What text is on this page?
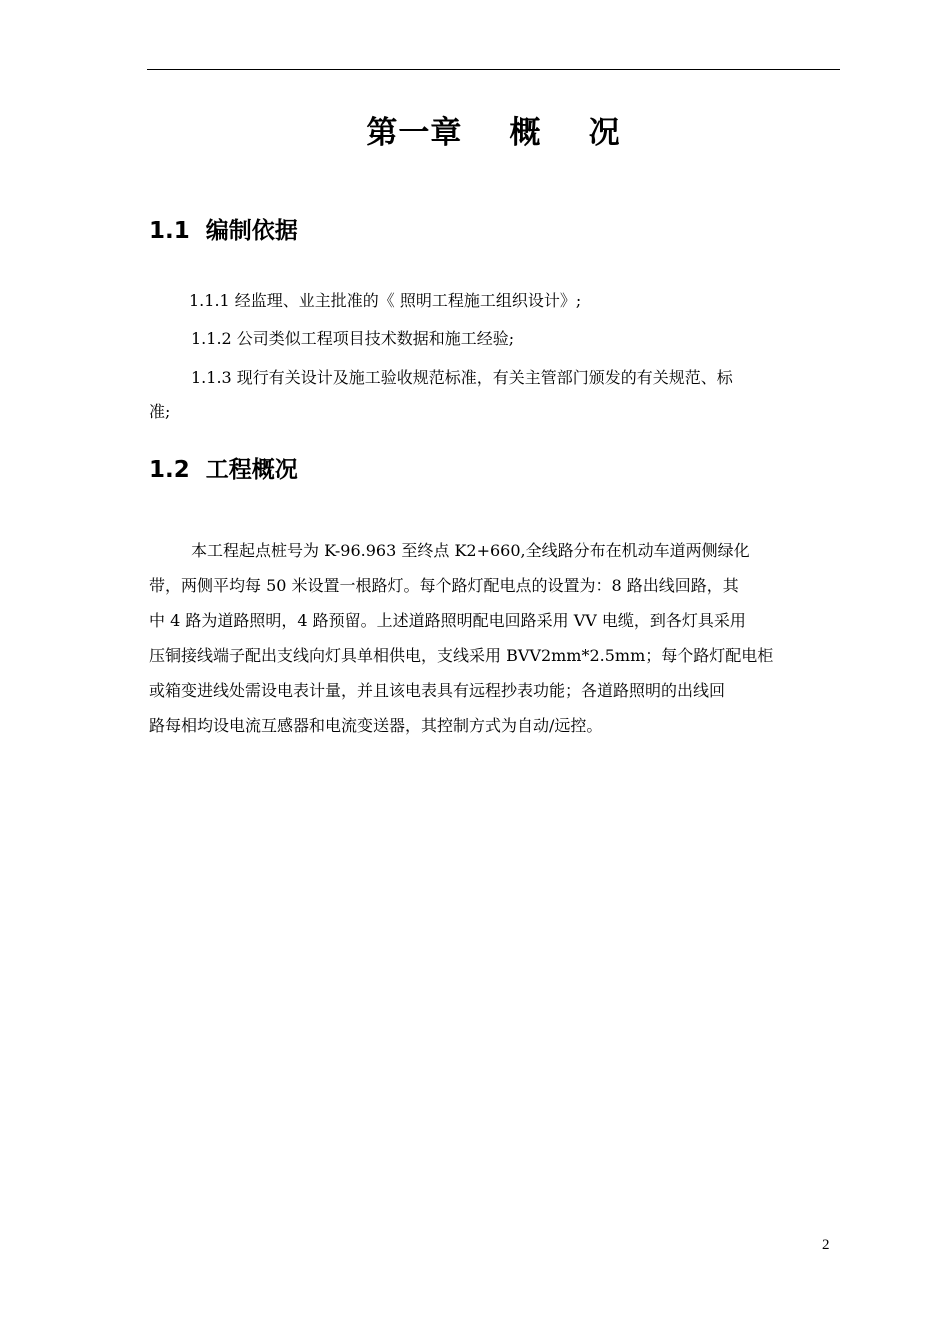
第一章    概    况
1.1  编制依据
1.1.1 经监理、业主批准的《 照明工程施工组织设计》;
1.1.2 公司类似工程项目技术数据和施工经验;
1.1.3 现行有关设计及施工验收规范标准，有关主管部门颁发的有关规范、标
准;
1.2  工程概况
本工程起点桩号为 K-96.963 至终点 K2+660,全线路分布在机动车道两侧绿化
带，两侧平均每 50 米设置一根路灯。每个路灯配电点的设置为：8 路出线回路，其
中 4 路为道路照明，4 路预留。上述道路照明配电回路采用 VV 电缆，到各灯具采用
压铜接线端子配出支线向灯具单相供电，支线采用 BVV2mm*2.5mm；每个路灯配电柜
或箱变进线处需设电表计量，并且该电表具有远程抄表功能；各道路照明的出线回
路每相均设电流互感器和电流变送器，其控制方式为自动/远控。
2
